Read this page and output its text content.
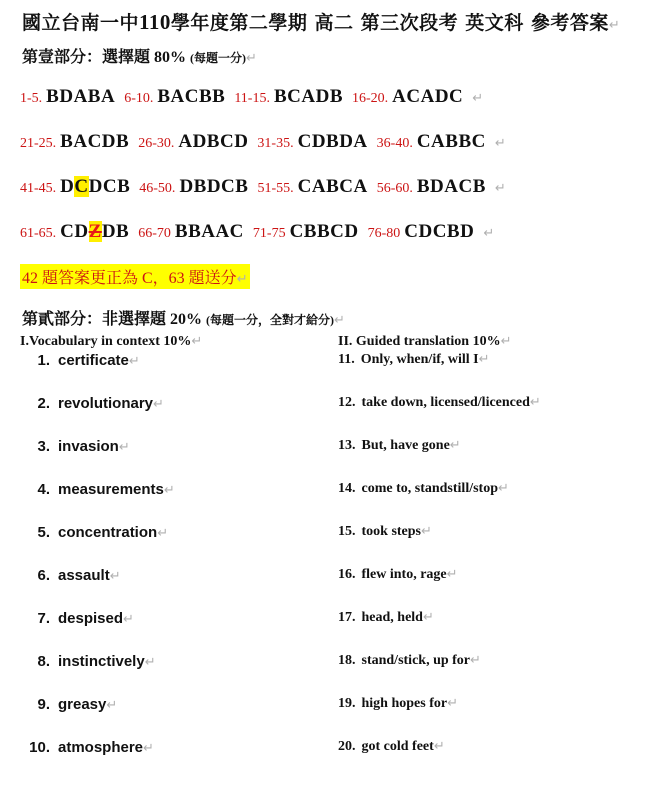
國立台南一中110學年度第二學期 高二 第三次段考 英文科 參考答案↵
第壹部分：選擇題 80% (每題一分)↵
1-5. BDABA 6-10. BACBB 11-15. BCADB 16-20. ACADC ↵
21-25. BACDB 26-30. ADBCD 31-35. CDBDA 36-40. CABBC ↵
41-45. DCDCB 46-50. DBDCB 51-55. CABCA 56-60. BDACB ↵
61-65. CDZDB 66-70 BBAAC 71-75 CBBCD 76-80 CDCBD ↵
42 題答案更正為 C，63 題送分↵
第貳部分：非選擇題 20% (每題一分，全對才給分)↵
I.Vocabulary in context 10%↵	II. Guided translation 10%↵
1. certificate↵
2. revolutionary↵
3. invasion↵
4. measurements↵
5. concentration↵
6. assault↵
7. despised↵
8. instinctively↵
9. greasy↵
10. atmosphere↵
11. Only, when/if, will I↵
12. take down, licensed/licenced↵
13. But, have gone↵
14. come to, standstill/stop↵
15. took steps↵
16. flew into, rage↵
17. head, held↵
18. stand/stick, up for↵
19. high hopes for↵
20. got cold feet↵
